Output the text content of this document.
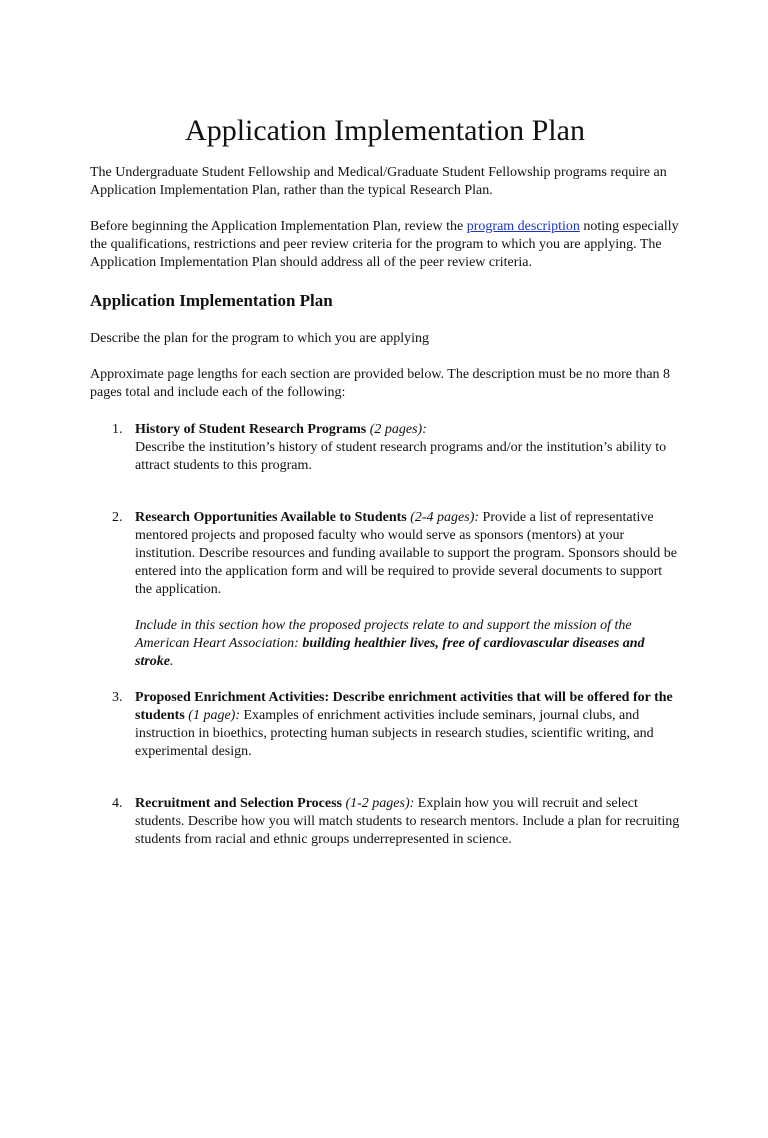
Application Implementation Plan

The Undergraduate Student Fellowship and Medical/Graduate Student Fellowship programs require an Application Implementation Plan, rather than the typical Research Plan.

Before beginning the Application Implementation Plan, review the program description noting especially the qualifications, restrictions and peer review criteria for the program to which you are applying. The Application Implementation Plan should address all of the peer review criteria.

Application Implementation Plan

Describe the plan for the program to which you are applying

Approximate page lengths for each section are provided below. The description must be no more than 8 pages total and include each of the following:

1. History of Student Research Programs (2 pages):
Describe the institution’s history of student research programs and/or the institution’s ability to attract students to this program.
2. Research Opportunities Available to Students (2-4 pages): Provide a list of representative mentored projects and proposed faculty who would serve as sponsors (mentors) at your institution. Describe resources and funding available to support the program. Sponsors should be entered into the application form and will be required to provide several documents to support the application.

Include in this section how the proposed projects relate to and support the mission of the American Heart Association: building healthier lives, free of cardiovascular diseases and stroke.

3. Proposed Enrichment Activities: Describe enrichment activities that will be offered for the students (1 page): Examples of enrichment activities include seminars, journal clubs, and instruction in bioethics, protecting human subjects in research studies, scientific writing, and experimental design.
4. Recruitment and Selection Process (1-2 pages): Explain how you will recruit and select students. Describe how you will match students to research mentors. Include a plan for recruiting students from racial and ethnic groups underrepresented in science.
